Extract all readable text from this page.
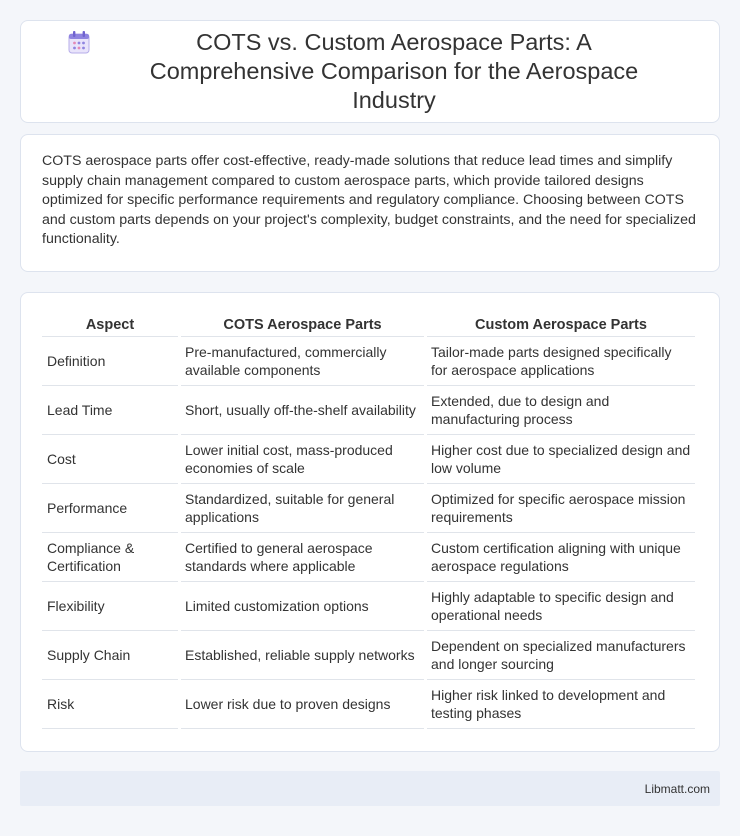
COTS vs. Custom Aerospace Parts: A Comprehensive Comparison for the Aerospace Industry

COTS aerospace parts offer cost-effective, ready-made solutions that reduce lead times and simplify supply chain management compared to custom aerospace parts, which provide tailored designs optimized for specific performance requirements and regulatory compliance. Choosing between COTS and custom parts depends on your project's complexity, budget constraints, and the need for specialized functionality.

Aspect	COTS Aerospace Parts	Custom Aerospace Parts
Definition	Pre-manufactured, commercially available components	Tailor-made parts designed specifically for aerospace applications
Lead Time	Short, usually off-the-shelf availability	Extended, due to design and manufacturing process
Cost	Lower initial cost, mass-produced economies of scale	Higher cost due to specialized design and low volume
Performance	Standardized, suitable for general applications	Optimized for specific aerospace mission requirements
Compliance & Certification	Certified to general aerospace standards where applicable	Custom certification aligning with unique aerospace regulations
Flexibility	Limited customization options	Highly adaptable to specific design and operational needs
Supply Chain	Established, reliable supply networks	Dependent on specialized manufacturers and longer sourcing
Risk	Lower risk due to proven designs	Higher risk linked to development and testing phases
Libmatt.com
